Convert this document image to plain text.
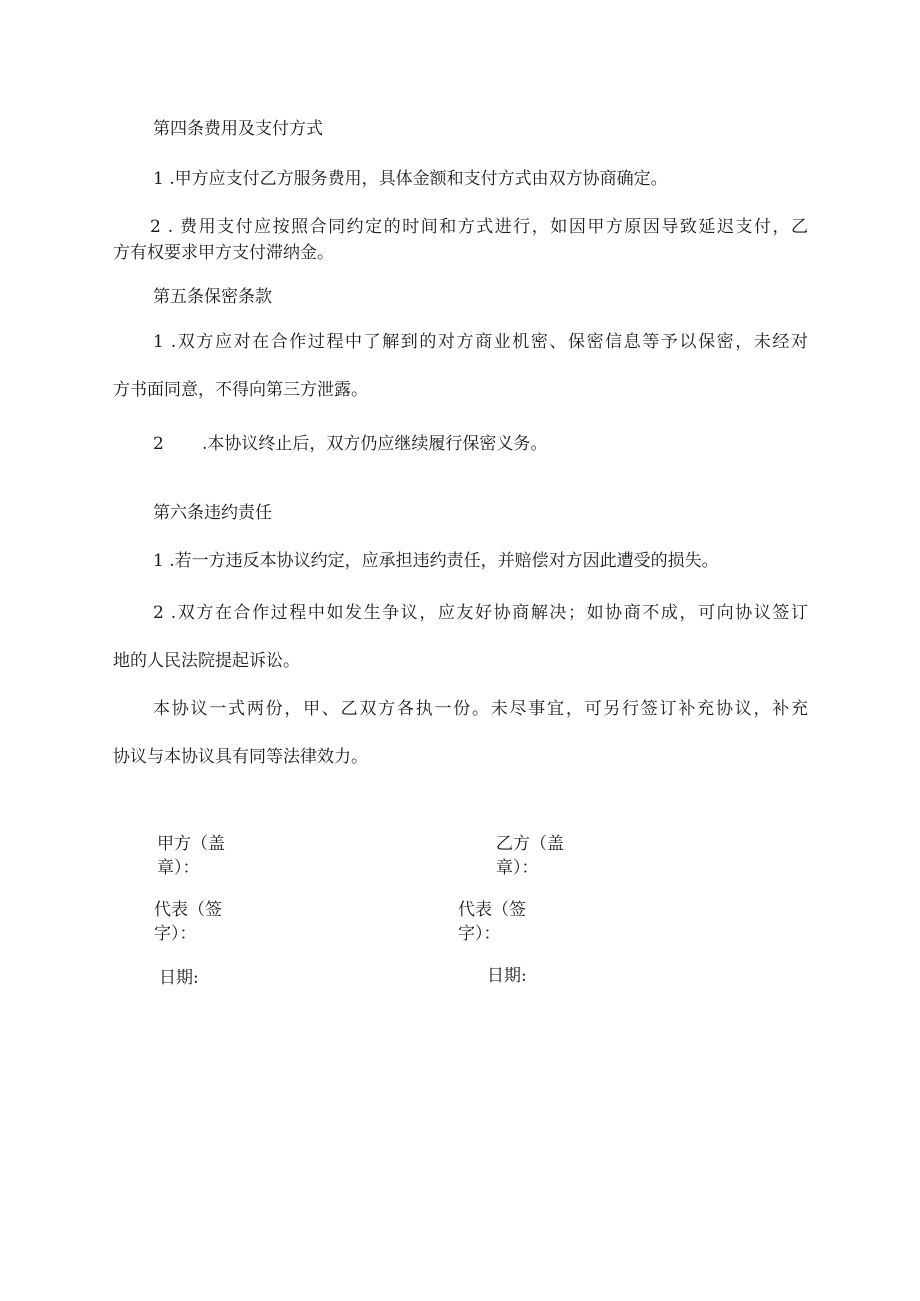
第四条费用及支付方式
1 .甲方应支付乙方服务费用，具体金额和支付方式由双方协商确定。
2 . 费用支付应按照合同约定的时间和方式进行，如因甲方原因导致延迟支付，乙
方有权要求甲方支付滞纳金。
第五条保密条款
1 .双方应对在合作过程中了解到的对方商业机密、保密信息等予以保密，未经对
方书面同意，不得向第三方泄露。
2 .本协议终止后，双方仍应继续履行保密义务。
第六条违约责任
1 .若一方违反本协议约定，应承担违约责任，并赔偿对方因此遭受的损失。
2 .双方在合作过程中如发生争议，应友好协商解决；如协商不成，可向协议签订
地的人民法院提起诉讼。
本协议一式两份，甲、乙双方各执一份。未尽事宜，可另行签订补充协议，补充
协议与本协议具有同等法律效力。
甲方（盖章）：
乙方（盖章）：
代表（签字）：
代表（签字）：
日期:	日期:
